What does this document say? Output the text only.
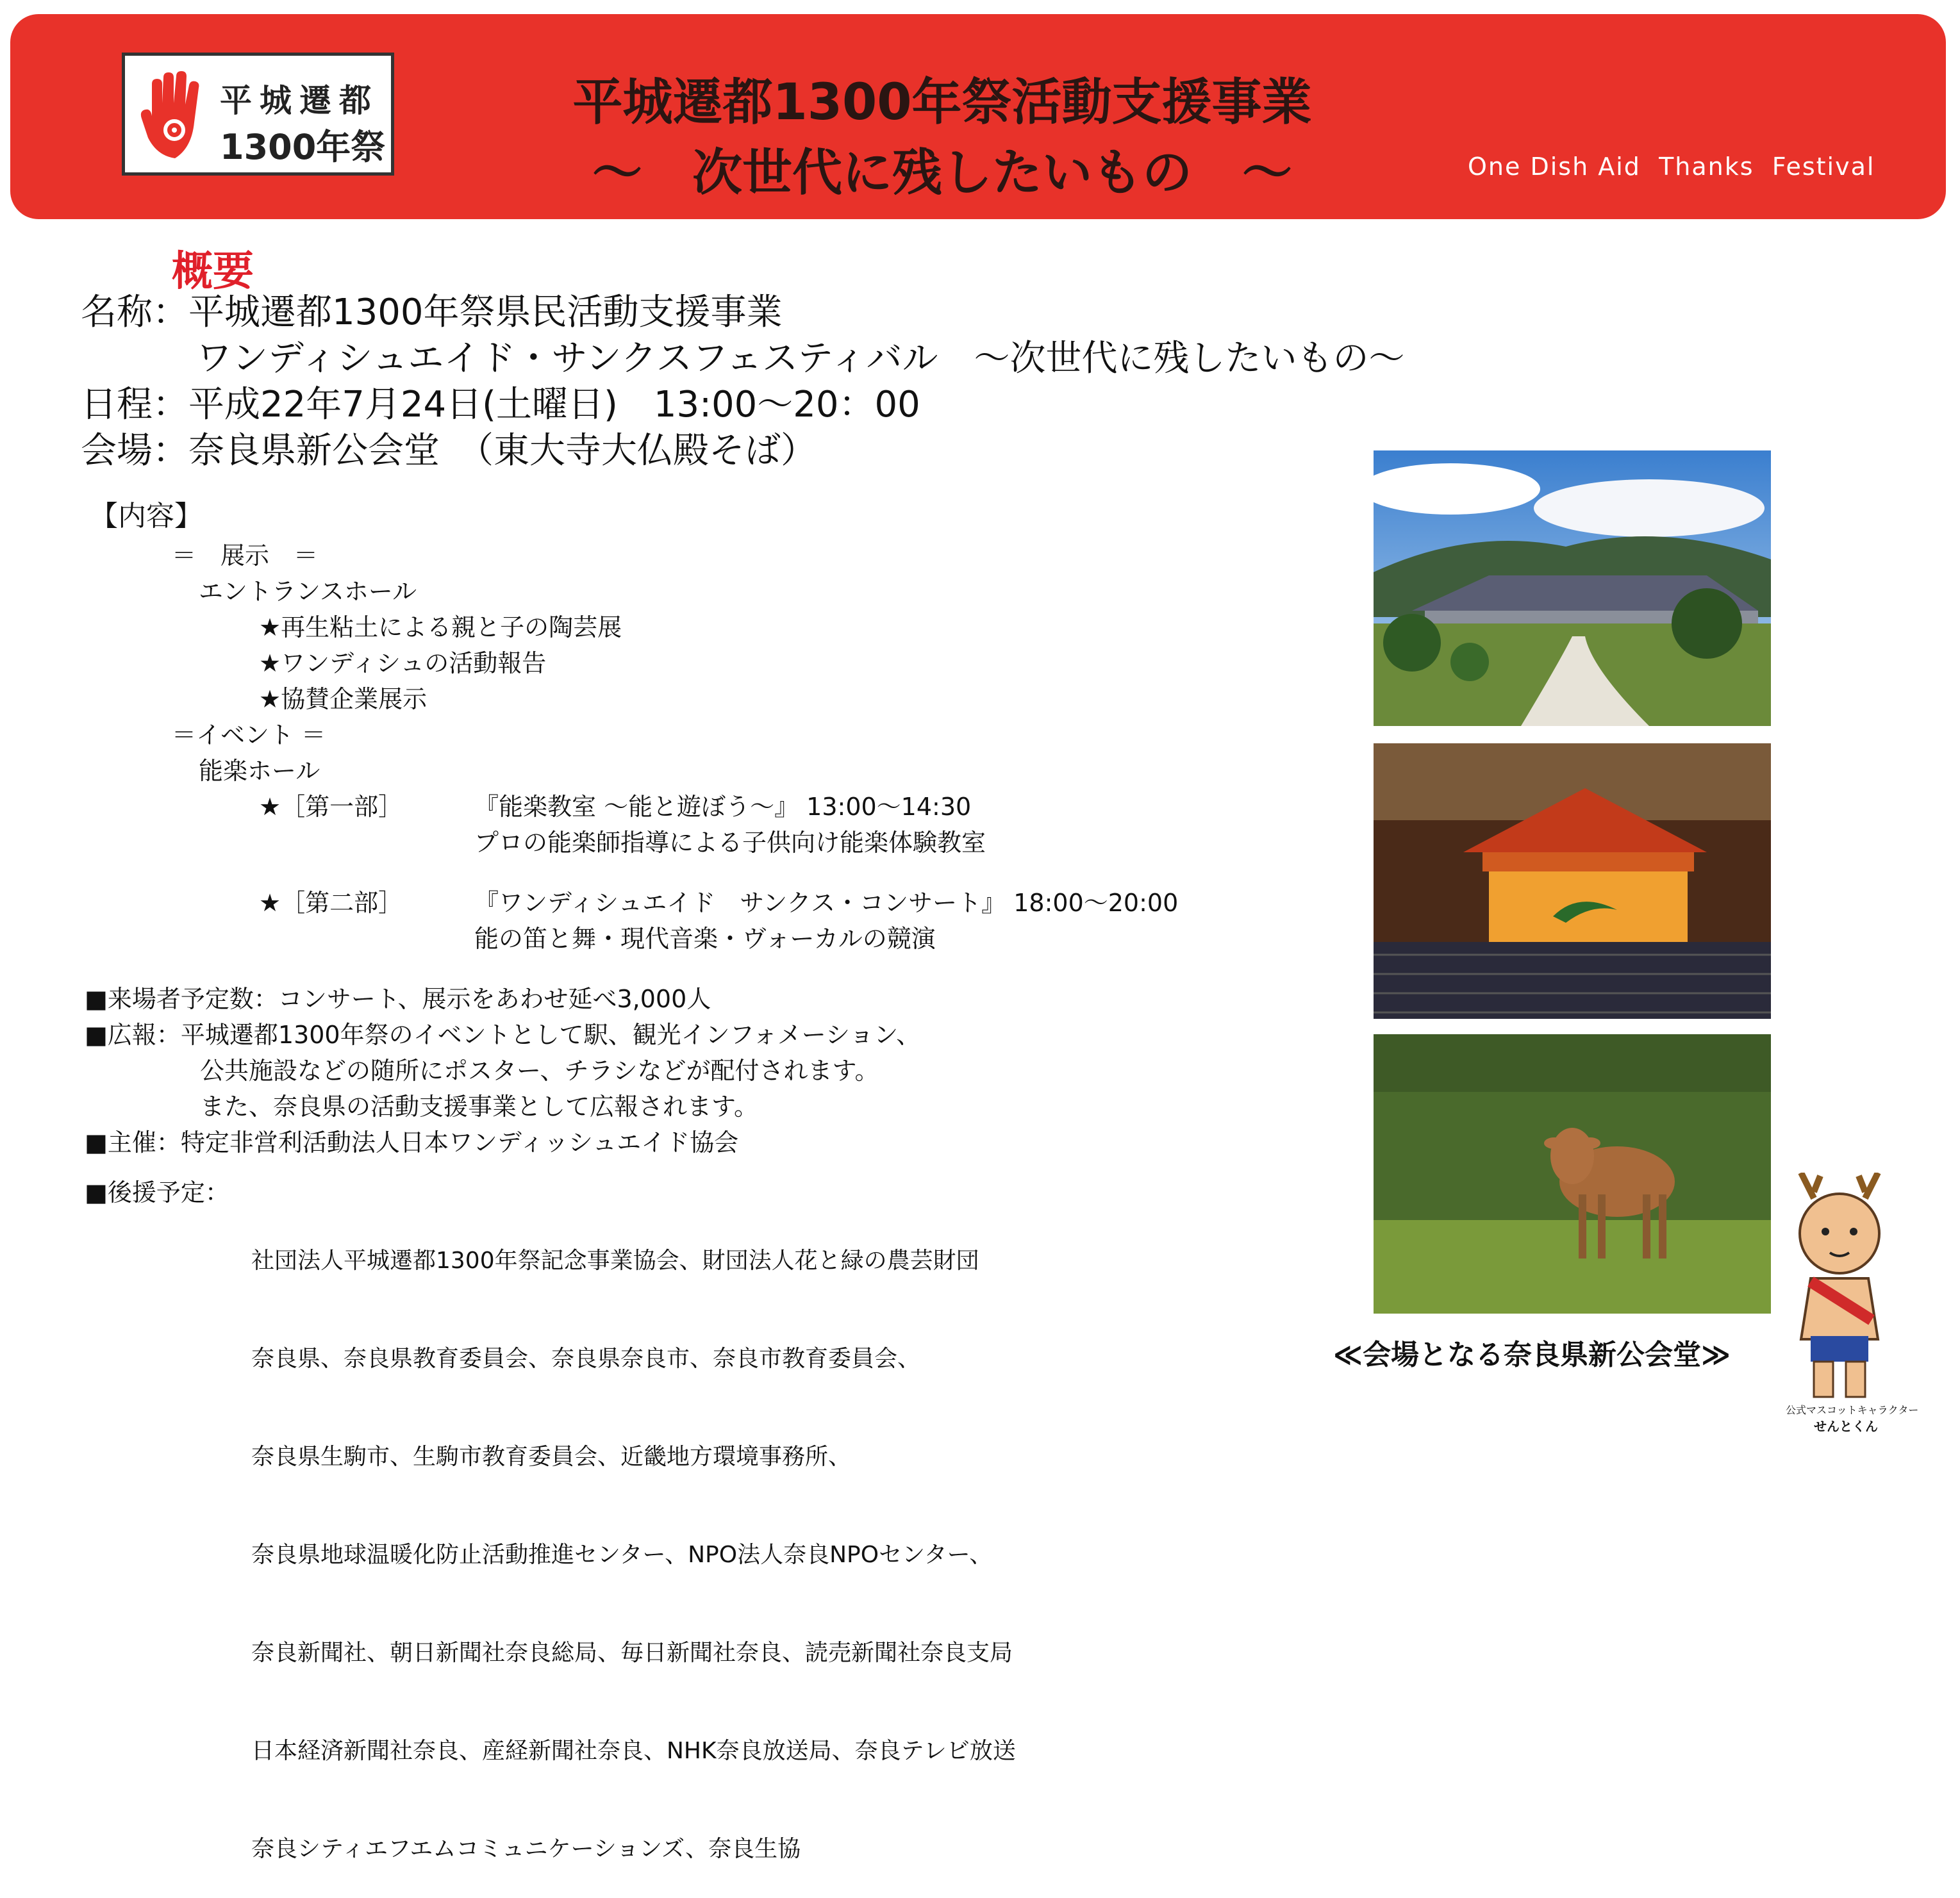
平城遷都
1300年祭
平城遷都1300年祭活動支援事業
～　次世代に残したいもの　～	One Dish Aid  Thanks  Festival
概要
名称：平城遷都1300年祭県民活動支援事業
ワンディシュエイド・サンクスフェスティバル　～次世代に残したいもの～
日程：平成22年7月24日(土曜日)　13:00～20：00
会場：奈良県新公会堂　（東大寺大仏殿そば）
【内容】
＝　展示　＝
エントランスホール
★再生粘土による親と子の陶芸展
★ワンディシュの活動報告
★協賛企業展示
＝イベント ＝
能楽ホール
★［第一部］	『能楽教室 ～能と遊ぼう～』 13:00～14:30
プロの能楽師指導による子供向け能楽体験教室
★［第二部］	『ワンディシュエイド　サンクス・コンサート』 18:00～20:00
能の笛と舞・現代音楽・ヴォーカルの競演
■来場者予定数：コンサート、展示をあわせ延べ3,000人
■広報：平城遷都1300年祭のイベントとして駅、観光インフォメーション、
公共施設などの随所にポスター、チラシなどが配付されます。
また、奈良県の活動支援事業として広報されます。
■主催：特定非営利活動法人日本ワンディッシュエイド協会
■後援予定：

社団法人平城遷都1300年祭記念事業協会、財団法人花と緑の農芸財団

奈良県、奈良県教育委員会、奈良県奈良市、奈良市教育委員会、

奈良県生駒市、生駒市教育委員会、近畿地方環境事務所、

奈良県地球温暖化防止活動推進センター、NPO法人奈良NPOセンター、

奈良新聞社、朝日新聞社奈良総局、毎日新聞社奈良、読売新聞社奈良支局

日本経済新聞社奈良、産経新聞社奈良、NHK奈良放送局、奈良テレビ放送

奈良シティエフエムコミュニケーションズ、奈良生協

≪会場となる奈良県新公会堂≫
公式マスコットキャラクター
せんとくん
